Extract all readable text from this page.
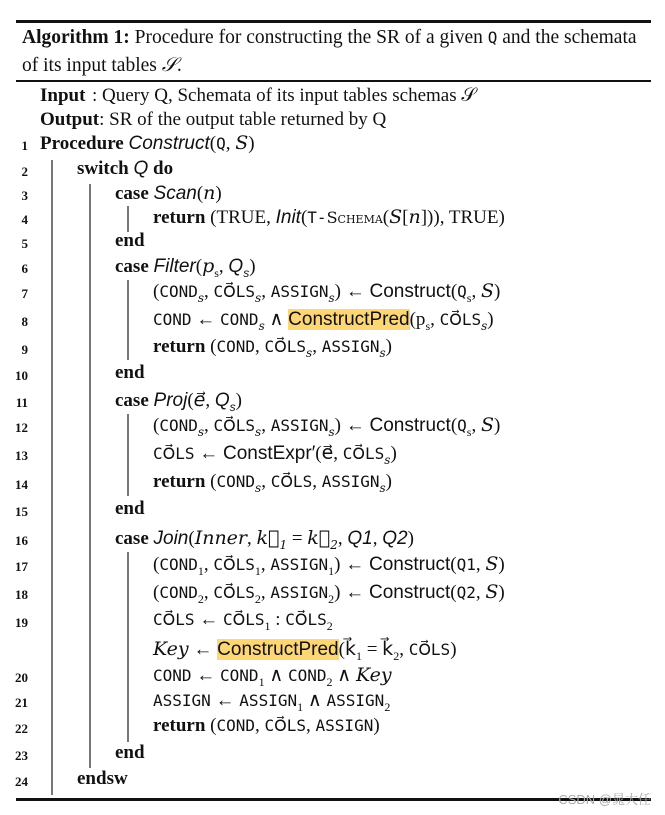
Algorithm 1: Procedure for constructing the SR of a given Q and the schemata of its input tables 𝒮.
Input : Query Q, Schemata of its input tables schemas 𝒮
Output: SR of the output table returned by Q
1 Procedure Construct(Q, S)
2	switch Q do
3	case Scan(n)
4	return (TRUE, Init(T-Schema(S[n])), TRUE)
5	end
6	case $Filter(p_s$, $Q_s$)
7	($COND_s$, $CO⃗LS_s$, $ASSIGN_s$) ← $Construct(Q_s$, S)
8	COND ← $COND_s$ ∧ $ConstructPred(p_s$, $CO⃗LS_s$)
9	return (COND, $CO⃗LS_s$, $ASSIGN_s$)
10	end
11	case Proj(e⃗, $Q_s$)
12	($COND_s$, $CO⃗LS_s$, $ASSIGN_s$) ← $Construct(Q_s$, S)
13	CO⃗LS ← ConstExpr′(e⃗, $CO⃗LS_s$)
14	return ($COND_s$, CO⃗LS, $ASSIGN_s$)
15	end
16	case Join(Inner, $k⃗_1$ = $k⃗_2$, Q1, Q2)
17	($COND_1$, $CO⃗LS_1$, $ASSIGN_1$) ← Construct(Q1, S)
18	($COND_2$, $CO⃗LS_2$, $ASSIGN_2$) ← Construct(Q2, S)
19	CO⃗LS ← $CO⃗LS_1$ : $CO⃗LS_2$
Key ← $ConstructPred(k⃗_1$ = $k⃗_2$, CO⃗LS)
20	COND ← $COND_1$ ∧ $COND_2$ ∧ Key
21	ASSIGN ← $ASSIGN_1$ ∧ $ASSIGN_2$
22	return (COND, CO⃗LS, ASSIGN)
23	end
24	endsw
CSDN @晁大任
